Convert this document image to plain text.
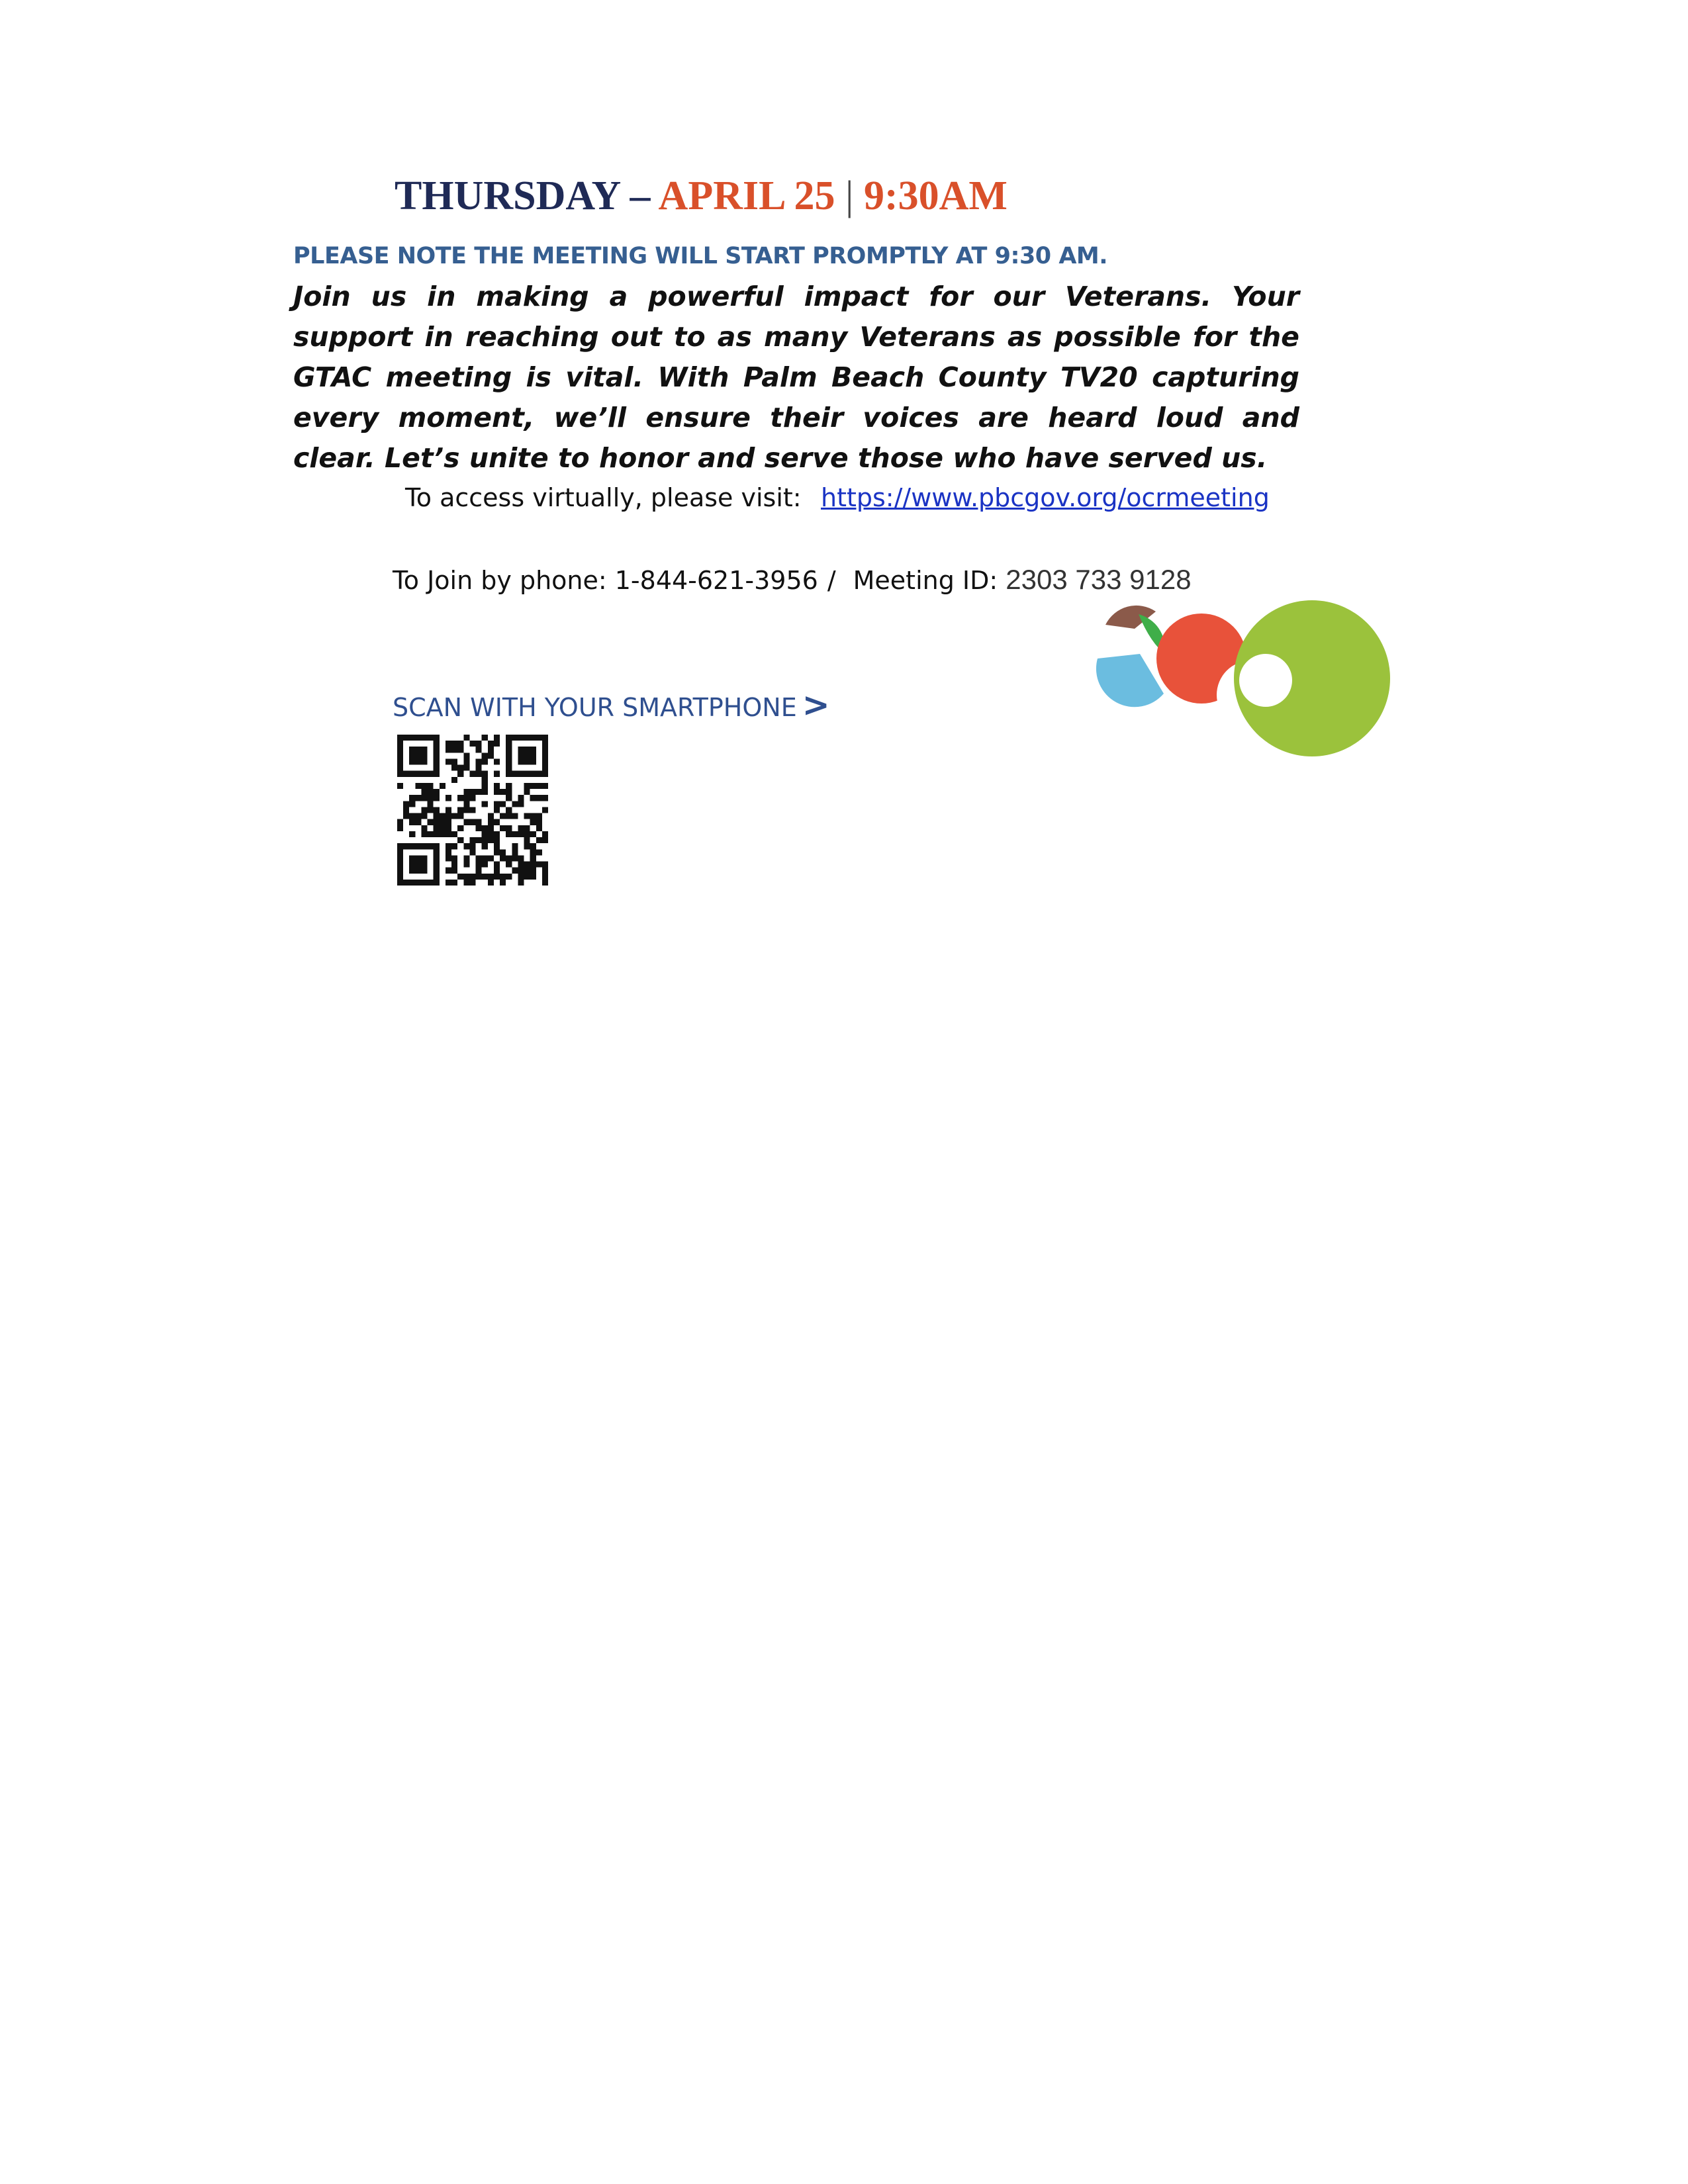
THURSDAY – APRIL 25 | 9:30AM
PLEASE NOTE THE MEETING WILL START PROMPTLY AT 9:30 AM.
Join us in making a powerful impact for our Veterans. Your support in reaching out to as many Veterans as possible for the GTAC meeting is vital. With Palm Beach County TV20 capturing every moment, we’ll ensure their voices are heard loud and clear. Let’s unite to honor and serve those who have served us.
To access virtually, please visit: https://www.pbcgov.org/ocrmeeting
To Join by phone: 1-844-621-3956 / Meeting ID: 2303 733 9128
SCAN WITH YOUR SMARTPHONE >
